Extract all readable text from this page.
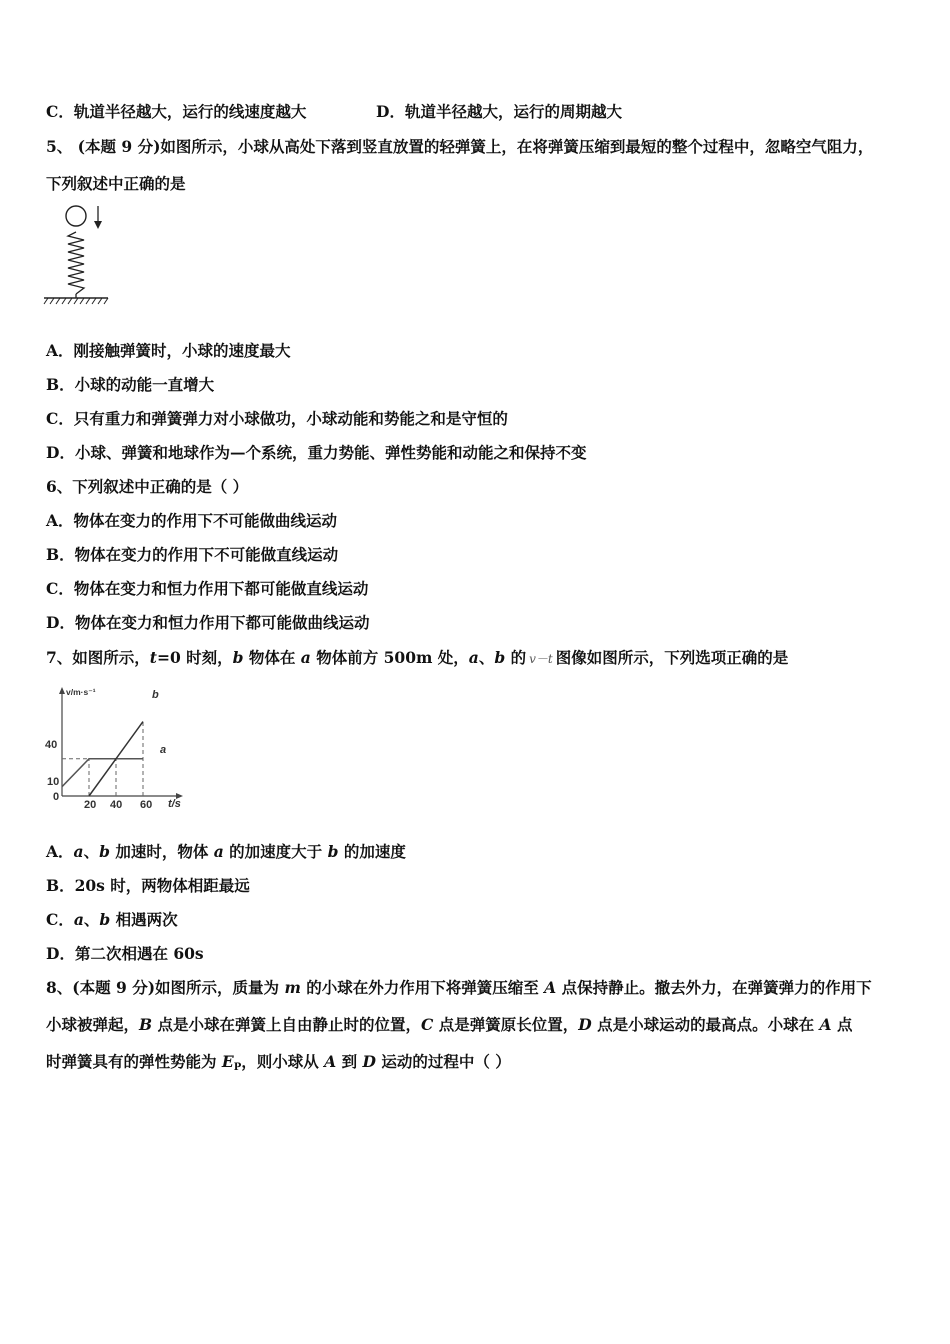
C．轨道半径越大，运行的线速度越大	D．轨道半径越大，运行的周期越大
5、 (本题 9 分)如图所示，小球从高处下落到竖直放置的轻弹簧上，在将弹簧压缩到最短的整个过程中，忽略空气阻力，
下列叙述中正确的是
A．刚接触弹簧时，小球的速度最大
B．小球的动能一直增大
C．只有重力和弹簧弹力对小球做功，小球动能和势能之和是守恒的
D．小球、弹簧和地球作为—个系统，重力势能、弹性势能和动能之和保持不变
6、下列叙述中正确的是（ ）
A．物体在变力的作用下不可能做曲线运动
B．物体在变力的作用下不可能做直线运动
C．物体在变力和恒力作用下都可能做直线运动
D．物体在变力和恒力作用下都可能做曲线运动
7、如图所示，t=0 时刻，b 物体在 a 物体前方 500m 处，a、b 的 v－t 图像如图所示，下列选项正确的是
v/m·s⁻¹
t/s
0
10
40
20 40 60
a
b
A．a、b 加速时，物体 a 的加速度大于 b 的加速度
B．20s 时，两物体相距最远
C．a、b 相遇两次
D．第二次相遇在 60s
8、(本题 9 分)如图所示，质量为 m 的小球在外力作用下将弹簧压缩至 A 点保持静止。撤去外力，在弹簧弹力的作用下
小球被弹起，B 点是小球在弹簧上自由静止时的位置，C 点是弹簧原长位置，D 点是小球运动的最高点。小球在 A 点
时弹簧具有的弹性势能为 $E_P$，则小球从 A 到 D 运动的过程中（ ）
